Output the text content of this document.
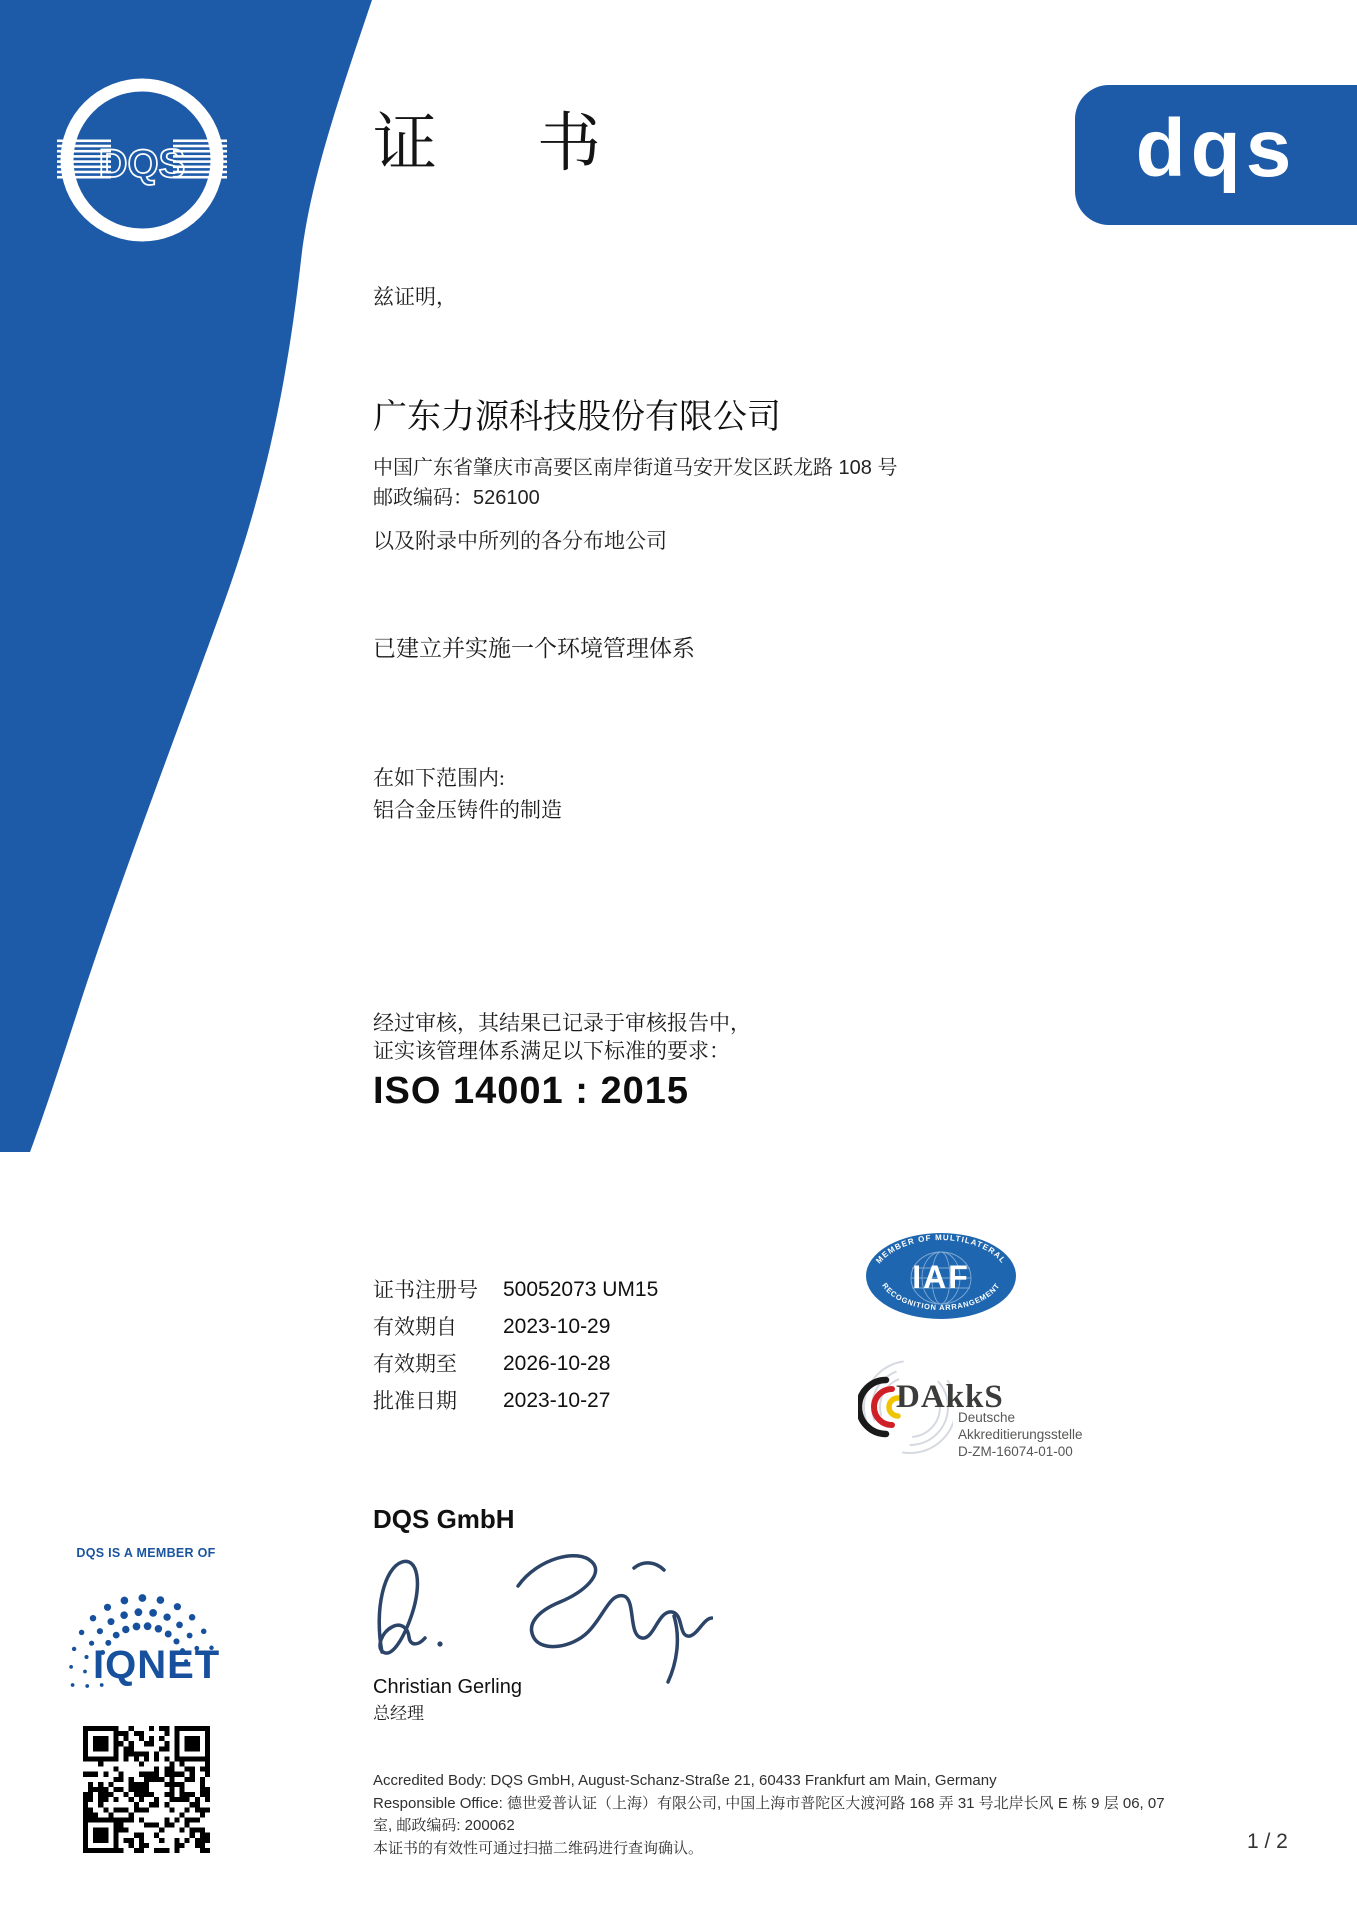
DQS	dqs
证书
兹证明，
广东力源科技股份有限公司
中国广东省肇庆市高要区南岸街道马安开发区跃龙路 108 号
邮政编码：526100
以及附录中所列的各分布地公司
已建立并实施一个环境管理体系
在如下范围内:
铝合金压铸件的制造
经过审核，其结果已记录于审核报告中，
证实该管理体系满足以下标准的要求：
ISO 14001 : 2015
证书注册号	50052073 UM15
有效期自	2023-10-29
有效期至	2026-10-28
批准日期	2023-10-27
MEMBER OF MULTILATERAL
IAF
RECOGNITION ARRANGEMENT
DAkkS
Deutsche
Akkreditierungsstelle
D-ZM-16074-01-00
DQS GmbH
Christian Gerling
总经理
DQS IS A MEMBER OF
IQNET
Accredited Body: DQS GmbH, August-Schanz-Straße 21, 60433 Frankfurt am Main, Germany
Responsible Office: 德世爱普认证（上海）有限公司, 中国上海市普陀区大渡河路 168 弄 31 号北岸长风 E 栋 9 层 06, 07
室, 邮政编码: 200062
本证书的有效性可通过扫描二维码进行查询确认。	1 / 2
